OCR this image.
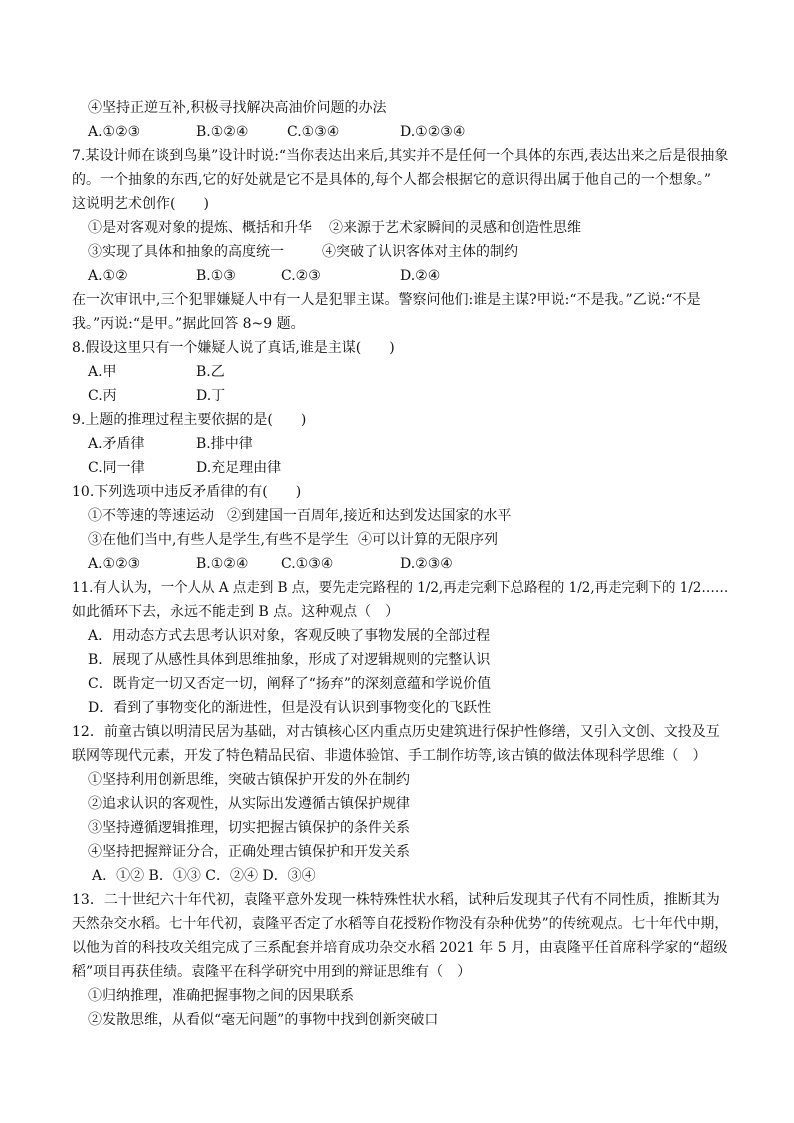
④坚持正逆互补,积极寻找解决高油价问题的办法
A.①②③	B.①②④	C.①③④	D.①②③④
7.某设计师在谈到鸟巢”设计时说:“当你表达出来后,其实并不是任何一个具体的东西,表达出来之后是很抽象
的。一个抽象的东西,它的好处就是它不是具体的,每个人都会根据它的意识得出属于他自己的一个想象。”
这说明艺术创作(　　)
①是对客观对象的提炼、概括和升华 ②来源于艺术家瞬间的灵感和创造性思维
③实现了具体和抽象的高度统一	④突破了认识客体对主体的制约
A.①②	B.①③	C.②③	D.②④
在一次审讯中,三个犯罪嫌疑人中有一人是犯罪主谋。警察问他们:谁是主谋?甲说:“不是我。”乙说:“不是
我。”丙说:“是甲。”据此回答 8~9 题。
8.假设这里只有一个嫌疑人说了真话,谁是主谋(　　)
A.甲	B.乙
C.丙	D.丁
9.上题的推理过程主要依据的是(　　)
A.矛盾律	B.排中律
C.同一律	D.充足理由律
10.下列选项中违反矛盾律的有(　　)
①不等速的等速运动 ②到建国一百周年,接近和达到发达国家的水平
③在他们当中,有些人是学生,有些不是学生 ④可以计算的无限序列
A.①②③	B.①②④ C.①③④	D.②③④
11.有人认为，一个人从 A 点走到 B 点，要先走完路程的 1/2,再走完剩下总路程的 1/2,再走完剩下的 1/2……
如此循环下去，永远不能走到 B 点。这种观点（　）
A．用动态方式去思考认识对象，客观反映了事物发展的全部过程
B．展现了从感性具体到思维抽象，形成了对逻辑规则的完整认识
C．既肯定一切又否定一切，阐释了“扬弃”的深刻意蕴和学说价值
D．看到了事物变化的渐进性，但是没有认识到事物变化的飞跃性
12．前童古镇以明清民居为基础，对古镇核心区内重点历史建筑进行保护性修缮，又引入文创、文投及互
联网等现代元素，开发了特色精品民宿、非遗体验馆、手工制作坊等,该古镇的做法体现科学思维（　）
①坚持利用创新思维，突破古镇保护开发的外在制约
②追求认识的客观性，从实际出发遵循古镇保护规律
③坚持遵循逻辑推理，切实把握古镇保护的条件关系
④坚持把握辩证分合，正确处理古镇保护和开发关系
A．①② B．①③ C．②④ D．③④
13．二十世纪六十年代初，袁隆平意外发现一株特殊性状水稻，试种后发现其子代有不同性质，推断其为
天然杂交水稻。七十年代初，袁隆平否定了水稻等自花授粉作物没有杂种优势”的传统观点。七十年代中期，
以他为首的科技攻关组完成了三系配套并培育成功杂交水稻 2021 年 5 月，由袁隆平任首席科学家的“超级
稻”项目再获佳绩。袁隆平在科学研究中用到的辩证思维有（　）
①归纳推理，准确把握事物之间的因果联系
②发散思维，从看似“毫无问题”的事物中找到创新突破口
